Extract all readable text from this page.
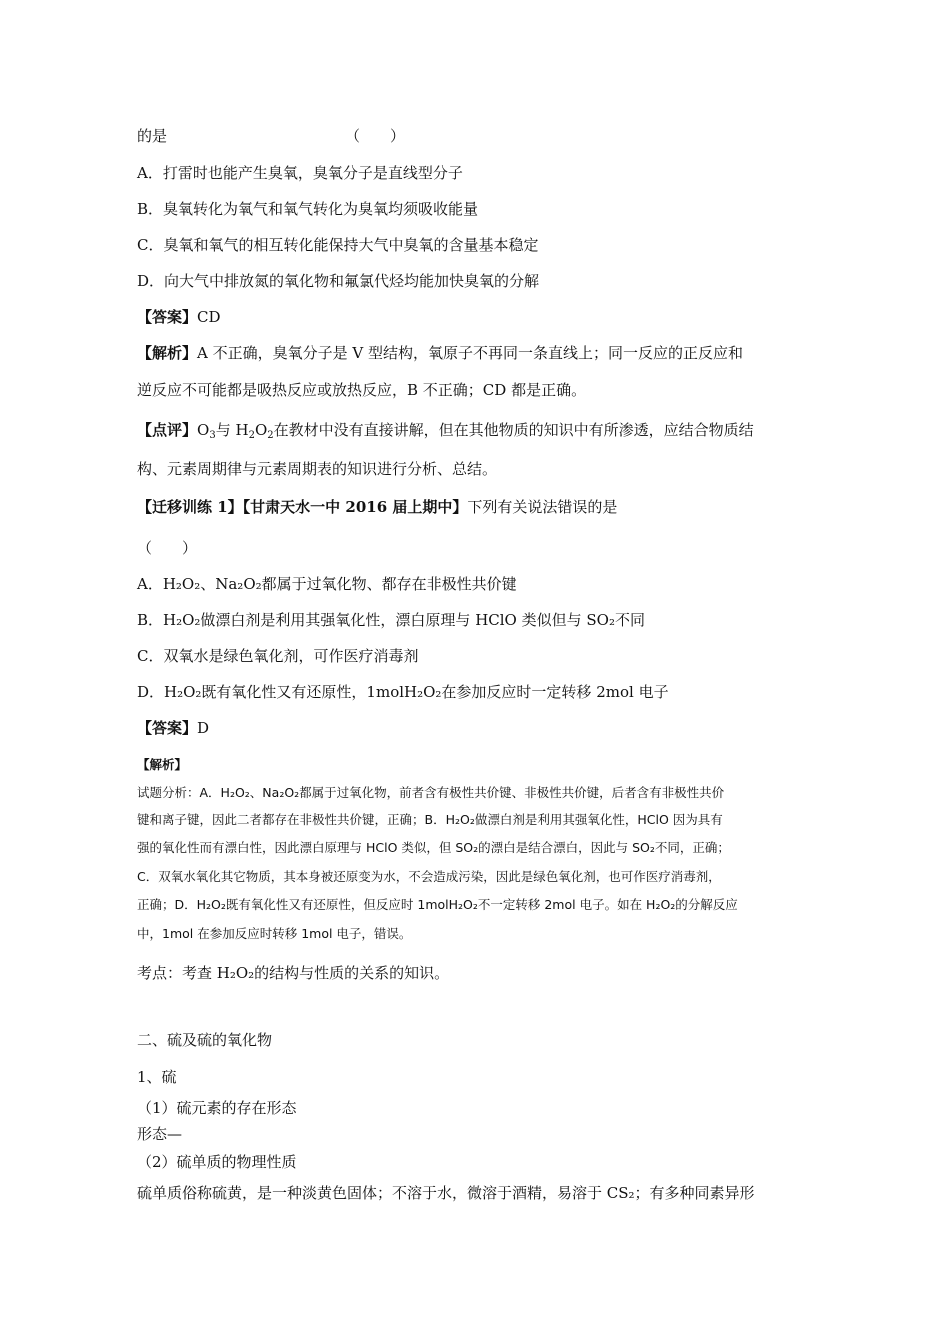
的是	（　　）
A．打雷时也能产生臭氧，臭氧分子是直线型分子
B．臭氧转化为氧气和氧气转化为臭氧均须吸收能量
C．臭氧和氧气的相互转化能保持大气中臭氧的含量基本稳定
D．向大气中排放氮的氧化物和氟氯代烃均能加快臭氧的分解
【答案】CD
【解析】A 不正确，臭氧分子是 V 型结构，氧原子不再同一条直线上；同一反应的正反应和
逆反应不可能都是吸热反应或放热反应，B 不正确；CD 都是正确。
【点评】$O_3$与 $H_2O_2$在教材中没有直接讲解，但在其他物质的知识中有所渗透，应结合物质结
构、元素周期律与元素周期表的知识进行分析、总结。
【迁移训练 1】【甘肃天水一中 2016 届上期中】下列有关说法错误的是
（　　）
A．H₂O₂、Na₂O₂都属于过氧化物、都存在非极性共价键
B．H₂O₂做漂白剂是利用其强氧化性，漂白原理与 HClO 类似但与 SO₂不同
C．双氧水是绿色氧化剂，可作医疗消毒剂
D．H₂O₂既有氧化性又有还原性，1molH₂O₂在参加反应时一定转移 2mol 电子
【答案】D
【解析】
试题分析：A．H₂O₂、Na₂O₂都属于过氧化物，前者含有极性共价键、非极性共价键，后者含有非极性共价
键和离子键，因此二者都存在非极性共价键，正确；B．H₂O₂做漂白剂是利用其强氧化性，HClO 因为具有
强的氧化性而有漂白性，因此漂白原理与 HClO 类似，但 SO₂的漂白是结合漂白，因此与 SO₂不同，正确；
C．双氧水氧化其它物质，其本身被还原变为水，不会造成污染，因此是绿色氧化剂，也可作医疗消毒剂，
正确；D．H₂O₂既有氧化性又有还原性，但反应时 1molH₂O₂不一定转移 2mol 电子。如在 H₂O₂的分解反应
中，1mol 在参加反应时转移 1mol 电子，错误。
考点：考查 H₂O₂的结构与性质的关系的知识。
二、硫及硫的氧化物
1、硫
（1）硫元素的存在形态
形态—
（2）硫单质的物理性质
硫单质俗称硫黄，是一种淡黄色固体；不溶于水，微溶于酒精，易溶于 CS₂；有多种同素异形
